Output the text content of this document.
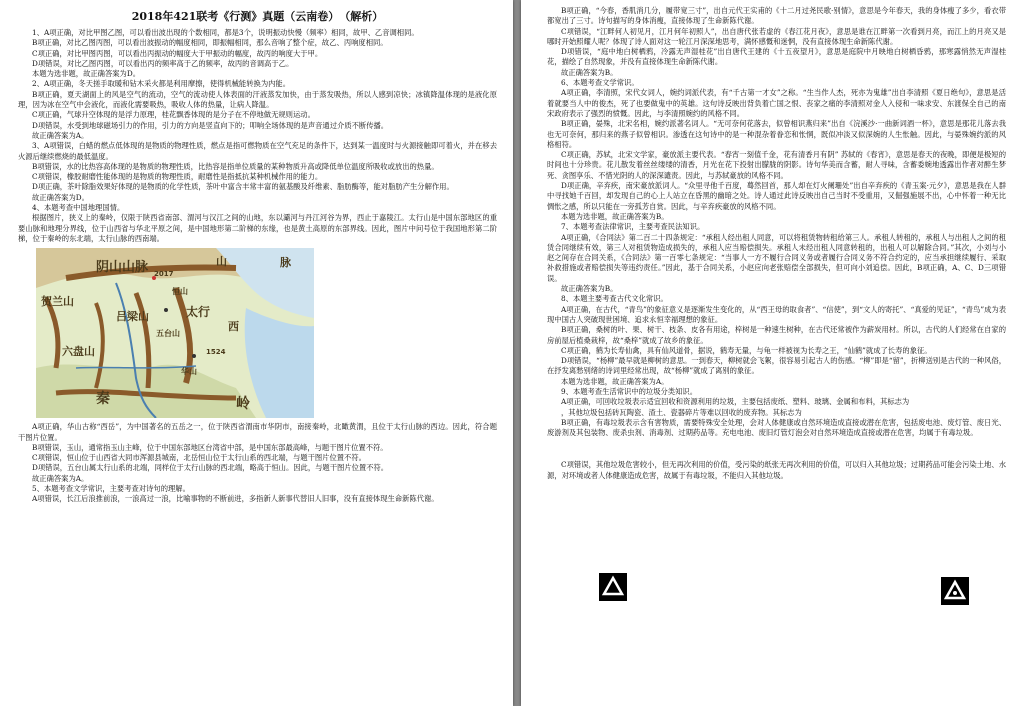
2018年421联考《行测》真题（云南卷）　（解析）

1、A项正确，对比甲图乙图，可以看出波出现的个数相同，都是3个，说明振动快慢（频率）相同，故甲、乙音调相同。

B项正确，对比乙图丙图，可以看出波振动的幅度相同，即振幅相同，那么音响了整个症，故乙、丙响度相同。

C项正确，对比甲图丙图，可以看出丙振动的幅度大于甲振动的幅度，故丙的响度大于甲。

D项错误，对比乙图丙图，可以看出丙的频率高于乙的频率，故丙的音调高于乙。

本题为选非题，故正确答案为D。

2、A项正确，冬天搓手取暖和钻木采火都是利用摩擦，使得机械能转换为内能。

B项正确，夏天湖面上的风是空气的流动，空气的流动使人体表面的汗液蒸发加快，由于蒸发吸热，所以人感到凉快；冰镇降温体现的是液化原理，因为冰在空气中会液化，而液化需要吸热，吸收人体的热量，让病人降温。

C项正确，气球升空体现的是浮力原理，桂花飘香体现的是分子在不停地做无规则运动。

D项错误，水受到地球磁场引力的作用，引力的方向是竖直向下的；叩响全场体现的是声音通过介质不断传播。

故正确答案为A。

3、A项错误，白蜡的燃点低体现的是物质的物理性质，燃点是指可燃物质在空气充足的条件下，达到某一温度时与火源接触即可着火，并在移去火源后继续燃烧的最低温度。

B项错误，水的比热容高体现的是物质的物理性质，比热容是指单位质量的某种物质升高或降低单位温度所吸收或放出的热量。

C项错误，橡胶耐磨性能体现的是物质的物理性质，耐磨性是指抵抗某种机械作用的能力。

D项正确，茶叶除脂效果好体现的是物质的化学性质，茶叶中富含丰常丰富的氨基酸及纤维素、脂肪酶等，能对脂肪产生分解作用。

故正确答案为D。

4、本题考查中国地理国情。

根据图片，狭义上的秦岭，仅限于陕西省南部、渭河与汉江之间的山地，东以灞河与丹江河谷为界，西止于嘉陵江。太行山是中国东部地区的重要山脉和地理分界线，位于山西省与华北平原之间，是中国地形第二阶梯的东缘，也是黄土高原的东部界线。因此，图片中问号位于我国地形第二阶梯，位于秦岭的东北端，太行山脉的西南端。

阴山山脉
贺兰山
吕梁山	太行
山	脉
2017
恒山
五台山
西
六盘山	1524
华山
秦	岭

A项正确，华山古称“西岳”，为中国著名的五岳之一，位于陕西省渭南市华阴市，南接秦岭，北瞰黄渭，且位于太行山脉的西边。因此，符合题干图片位置。

B项错误，玉山，通常指玉山主峰，位于中国东部地区台湾省中部，是中国东部最高峰，与题干图片位置不符。

C项错误，恒山位于山西省大同市浑源县城南，北岳恒山位于太行山系的西北端，与题干图片位置不符。

D项错误，五台山属太行山系的北端，同样位于太行山脉的西北端，略高于恒山。因此，与题干图片位置不符。

故正确答案为A。

5、本题考查文学常识，主要考查对诗句的理解。

A项错误，长江后浪推前浪，一浪高过一浪，比喻事物的不断前进，多指新人新事代替旧人旧事，没有直接体现生命新陈代谢。

B项正确，“今春，香肌消几分，履带宽三寸”，出自元代王实甫的《十二月过尧民歌·别情》，意思是今年春天，我的身体瘦了多少，看衣带都宽出了三寸。诗句描写的身体消瘦，直接体现了生命新陈代谢。

C项错误，“江畔何人初见月，江月何年初照人”，出自唐代张若虚的《春江花月夜》，意思是谁在江畔第一次看到月亮，而江上的月亮又是哪时开始照耀人呢？体现了诗人面对这一轮江月深深地思考，满怀感慨和迷惘，没有直接体现生命新陈代谢。

D项错误，“庭中地白树栖鸦，冷露无声湿桂花”出自唐代王建的《十五夜望月》，意思是庭院中月映地白树栖昏鸦，那寒露悄然无声湿桂花，描绘了自然现象，并没有直接体现生命新陈代谢。

故正确答案为B。

6、本题考查文学常识。

A项正确，李清照，宋代女词人，婉约词派代表，有“千古第一才女”之称。“生当作人杰，死亦为鬼雄”出自李清照《夏日绝句》，意思是活着就要当人中的俊杰，死了也要做鬼中的英雄。这句诗反映出背负着亡国之恨、丧家之痛的李清照对金人入侵和一味求安、东渡保全自己的南宋政府表示了强烈的愤慨。因此，与李清照婉约的风格不同。

B项正确，晏殊，北宋名相，婉约派著名词人。“无可奈何花落去，似曾相识燕归来”出自《浣溪沙·一曲新词酒一杯》，意思是那花儿落去我也无可奈何，那归来的燕子似曾相识。渗透在这句诗中的是一种混杂着眷恋和怅惘，既似冲淡又似深婉的人生怅触。因此，与晏殊婉约派的风格相符。

C项正确，苏轼，北宋文学家，豪放派主要代表。“春宵一刻值千金，花有清香月有阴” 苏轼的《春宵》，意思是春天的夜晚，即便是极短的时间也十分珍贵。花儿散发着丝丝缕缕的清香，月光在花下投射出朦胧的阴影。诗句华美而含蓄，耐人寻味，含蓄委婉地透露出作者对醉生梦死、贪图享乐、不惜光阴的人的深深谴责。因此，与苏轼豪放的风格不同。

D项正确，辛弃疾，南宋豪放派词人。“众里寻他千百度，蓦然回首，那人却在灯火阑珊处”出自辛弃疾的《青玉案·元夕》，意思是我在人群中寻找她千百回，却发现自己的心上人站立在昏黑的幽暗之处。诗人通过此诗反映出自己当时不受重用，又倔强施展不出，心中怀着一种无比惆怅之感，所以只能在一旁孤芳自赏。因此，与辛弃疾豪放的风格不同。

本题为选非题，故正确答案为B。

7、本题考查法律常识，主要考查民法知识。

A项正确，《合同法》第二百二十四条规定：“承租人经出租人同意，可以将租赁物转租给第三人。承租人转租的，承租人与出租人之间的租赁合同继续有效，第三人对租赁物造成损失的，承租人应当赔偿损失。承租人未经出租人同意转租的，出租人可以解除合同。”其次，小刘与小赵之间存在合同关系，《合同法》第一百零七条规定：“当事人一方不履行合同义务或者履行合同义务不符合约定的，应当承担继续履行、采取补救措施或者赔偿损失等违约责任。”因此，基于合同关系，小赵应向老张赔偿全部损失，但可向小刘追偿。因此，B项正确，A、C、D三项错误。

故正确答案为B。

8、本题主要考查古代文化常识。

A项正确，在古代，“青鸟”的象征意义是逐渐发生变化的，从“西王母的取食者”、“信使”，到“文人的寄托”、“真爱的见证”，“青鸟”成为表现中国古人突破现世困境、追求永恒幸福理想的象征。

B项正确，桑树的叶、果、树干、枝条、皮各有用途，梓树是一种速生树种，在古代还常被作为薪炭用材。所以，古代的人们经常在自家的房前屋后植桑栽梓，故“桑梓”就成了故乡的象征。

C项正确，鹤为长寿仙禽，具有仙风道骨，据说，鹤寿无量，与龟一样被视为长寿之王，“仙鹤”就成了长寿的象征。

D项错误，“杨柳”最早就是柳树的意思。一到春天，柳树就会飞絮，很容易引起古人的伤感。“柳”即是“留”，折柳送别是古代的一种风俗，在抒发离愁别绪的诗词里经常出现，故“杨柳”就成了离别的象征。

本题为选非题，故正确答案为A。

9、本题考查生活常识中的垃圾分类知识。

A项正确，可回收垃圾表示适宜回收和资源利用的垃圾，主要包括废纸、塑料、玻璃、金属和布料，其标志为

，其他垃圾包括砖瓦陶瓷、渣土、瓷器碎片等难以回收的废弃物。其标志为

B项正确，有毒垃圾表示含有害物质，需要特殊安全处理，会对人体健康或自然环境造成直接或潜在危害，包括废电池、废灯管、废日光、废游剂及其包装物、废杀虫剂、消毒剂、过期药品等。充电电池、废旧灯管灯泡会对自然环境造成直接或潜在危害，均属于有毒垃圾。

C项错误，其他垃圾危害较小，但无再次利用的价值，受污染的纸张无再次利用的价值，可以归入其他垃圾；过期药品可能会污染土地、水源，对环境或者人体健康造成危害，故属于有毒垃圾，不能归入其他垃圾。
